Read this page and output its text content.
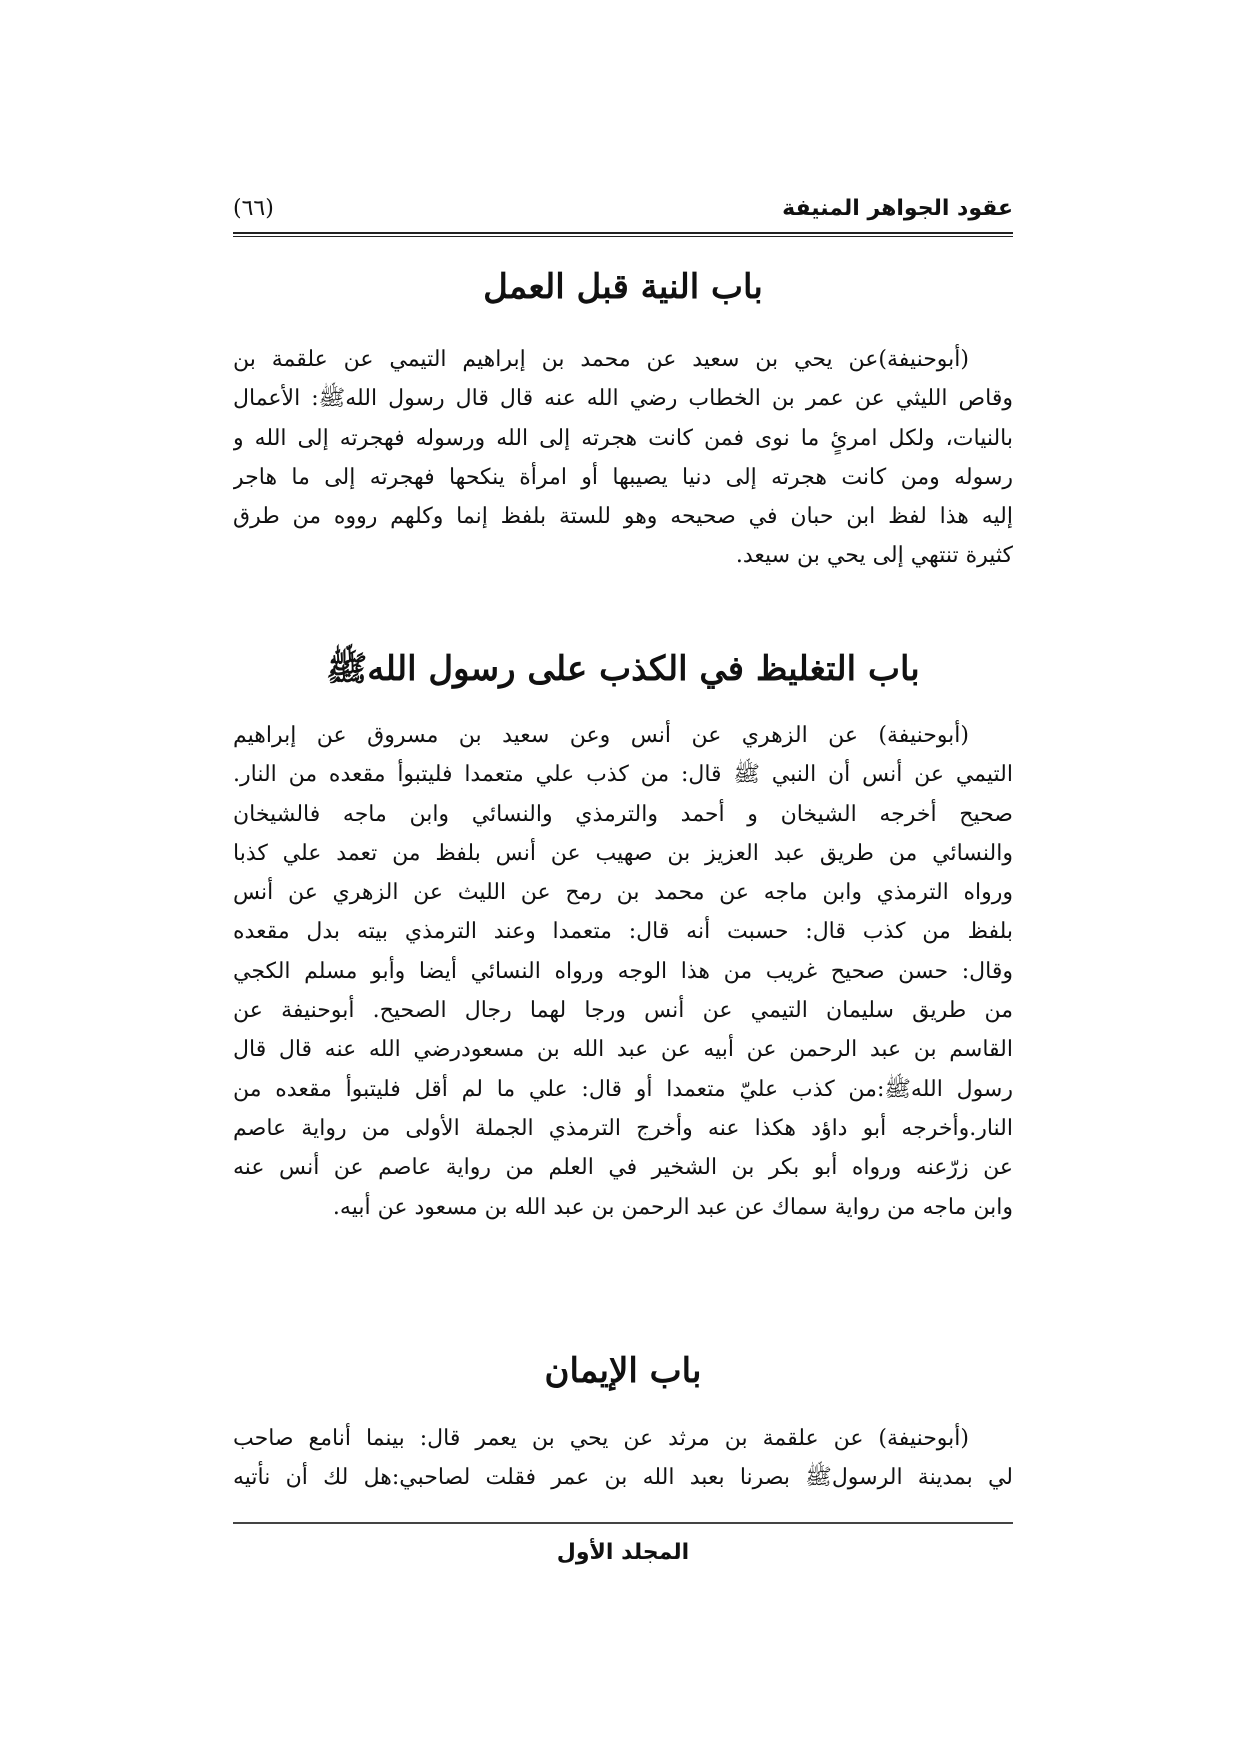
عقود الجواهر المنيفة
(٦٦)
باب النية قبل العمل
(أبوحنيفة)عن يحي بن سعيد عن محمد بن إبراهيم التيمي عن علقمة بن
وقاص الليثي عن عمر بن الخطاب رضي الله عنه قال قال رسول اللهﷺ: الأعمال
بالنيات، ولكل امرئٍ ما نوى فمن كانت هجرته إلى الله ورسوله فهجرته إلى الله و
رسوله ومن كانت هجرته إلى دنيا يصيبها أو امرأة ينكحها فهجرته إلى ما هاجر
إليه هذا لفظ ابن حبان في صحيحه وهو للستة بلفظ إنما وكلهم رووه من طرق
كثيرة تنتهي إلى يحي بن سيعد.
باب التغليظ في الكذب على رسول اللهﷺ
(أبوحنيفة) عن الزهري عن أنس وعن سعيد بن مسروق عن إبراهيم
التيمي عن أنس أن النبي ﷺ قال: من كذب علي متعمدا فليتبوأ مقعده من النار.
صحيح أخرجه الشيخان و أحمد والترمذي والنسائي وابن ماجه فالشيخان
والنسائي من طريق عبد العزيز بن صهيب عن أنس بلفظ من تعمد علي كذبا
ورواه الترمذي وابن ماجه عن محمد بن رمح عن الليث عن الزهري عن أنس
بلفظ من كذب قال: حسبت أنه قال: متعمدا وعند الترمذي بيته بدل مقعده
وقال: حسن صحيح غريب من هذا الوجه ورواه النسائي أيضا وأبو مسلم الكجي
من طريق سليمان التيمي عن أنس ورجا لهما رجال الصحيح. أبوحنيفة عن
القاسم بن عبد الرحمن عن أبيه عن عبد الله بن مسعودرضي الله عنه قال قال
رسول اللهﷺ:من كذب عليّ متعمدا أو قال: علي ما لم أقل فليتبوأ مقعده من
النار.وأخرجه أبو داؤد هكذا عنه وأخرج الترمذي الجملة الأولى من رواية عاصم
عن زرّعنه ورواه أبو بكر بن الشخير في العلم من رواية عاصم عن أنس عنه
وابن ماجه من رواية سماك عن عبد الرحمن بن عبد الله بن مسعود عن أبيه.
باب الإيمان
(أبوحنيفة) عن علقمة بن مرثد عن يحي بن يعمر قال: بينما أنامع صاحب
لي بمدينة الرسولﷺ بصرنا بعبد الله بن عمر فقلت لصاحبي:هل لك أن نأتيه
المجلد الأول
